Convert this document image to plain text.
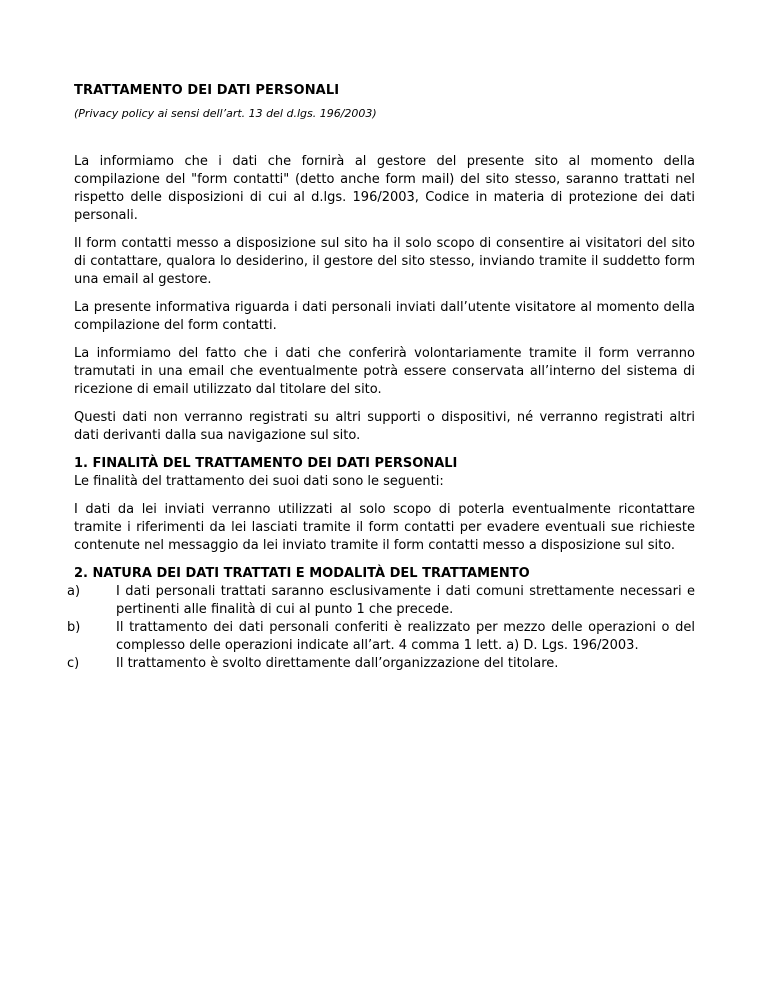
TRATTAMENTO DEI DATI PERSONALI
(Privacy policy ai sensi dell’art. 13 del d.lgs. 196/2003)

La informiamo che i dati che fornirà al gestore del presente sito al momento della compilazione del "form contatti" (detto anche form mail) del sito stesso, saranno trattati nel rispetto delle disposizioni di cui al d.lgs. 196/2003, Codice in materia di protezione dei dati personali.

Il form contatti messo a disposizione sul sito ha il solo scopo di consentire ai visitatori del sito di contattare, qualora lo desiderino, il gestore del sito stesso, inviando tramite il suddetto form una email al gestore.

La presente informativa riguarda i dati personali inviati dall’utente visitatore al momento della compilazione del form contatti.

La informiamo del fatto che i dati che conferirà volontariamente tramite il form verranno tramutati in una email che eventualmente potrà essere conservata all’interno del sistema di ricezione di email utilizzato dal titolare del sito.

Questi dati non verranno registrati su altri supporti o dispositivi, né verranno registrati altri dati derivanti dalla sua navigazione sul sito.

1. FINALITÀ DEL TRATTAMENTO DEI DATI PERSONALI

Le finalità del trattamento dei suoi dati sono le seguenti:

I dati da lei inviati verranno utilizzati al solo scopo di poterla eventualmente ricontattare tramite i riferimenti da lei lasciati tramite il form contatti per evadere eventuali sue richieste contenute nel messaggio da lei inviato tramite il form contatti messo a disposizione sul sito.

2. NATURA DEI DATI TRATTATI E MODALITÀ DEL TRATTAMENTO
a)	I dati personali trattati saranno esclusivamente i dati comuni strettamente necessari e pertinenti alle finalità di cui al punto 1 che precede.
b)	Il trattamento dei dati personali conferiti è realizzato per mezzo delle operazioni o del complesso delle operazioni indicate all’art. 4 comma 1 lett. a) D. Lgs. 196/2003.
c)	Il trattamento è svolto direttamente dall’organizzazione del titolare.
